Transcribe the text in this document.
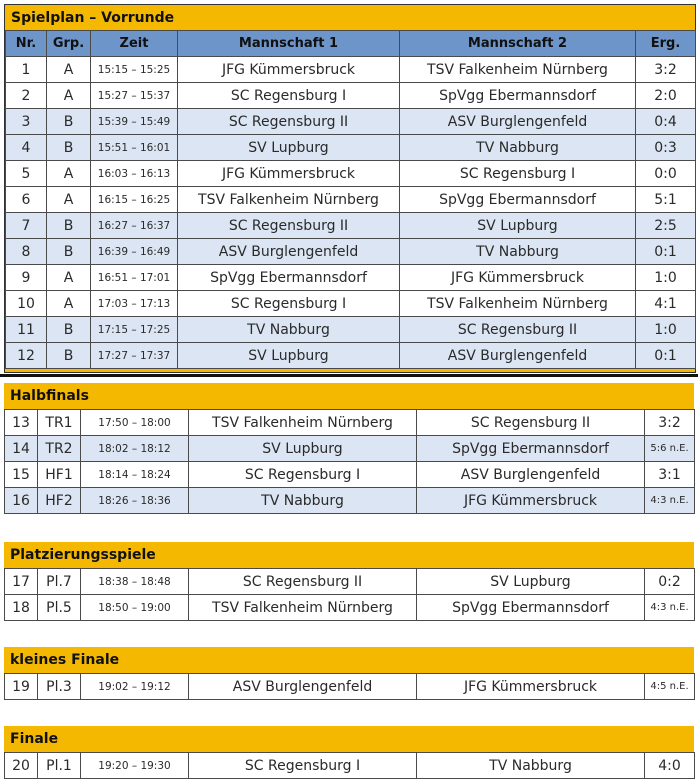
Spielplan – Vorrunde
Nr.	Grp.	Zeit	Mannschaft 1	Mannschaft 2	Erg.
1	A	15:15 – 15:25	JFG Kümmersbruck	TSV Falkenheim Nürnberg	3:2
2	A	15:27 – 15:37	SC Regensburg I	SpVgg Ebermannsdorf	2:0
3	B	15:39 – 15:49	SC Regensburg II	ASV Burglengenfeld	0:4
4	B	15:51 – 16:01	SV Lupburg	TV Nabburg	0:3
5	A	16:03 – 16:13	JFG Kümmersbruck	SC Regensburg I	0:0
6	A	16:15 – 16:25	TSV Falkenheim Nürnberg	SpVgg Ebermannsdorf	5:1
7	B	16:27 – 16:37	SC Regensburg II	SV Lupburg	2:5
8	B	16:39 – 16:49	ASV Burglengenfeld	TV Nabburg	0:1
9	A	16:51 – 17:01	SpVgg Ebermannsdorf	JFG Kümmersbruck	1:0
10	A	17:03 – 17:13	SC Regensburg I	TSV Falkenheim Nürnberg	4:1
11	B	17:15 – 17:25	TV Nabburg	SC Regensburg II	1:0
12	B	17:27 – 17:37	SV Lupburg	ASV Burglengenfeld	0:1
Halbfinals
13	TR1	17:50 – 18:00	TSV Falkenheim Nürnberg	SC Regensburg II	3:2
14	TR2	18:02 – 18:12	SV Lupburg	SpVgg Ebermannsdorf	5:6 n.E.
15	HF1	18:14 – 18:24	SC Regensburg I	ASV Burglengenfeld	3:1
16	HF2	18:26 – 18:36	TV Nabburg	JFG Kümmersbruck	4:3 n.E.
Platzierungsspiele
17	Pl.7	18:38 – 18:48	SC Regensburg II	SV Lupburg	0:2
18	Pl.5	18:50 – 19:00	TSV Falkenheim Nürnberg	SpVgg Ebermannsdorf	4:3 n.E.
kleines Finale
19	Pl.3	19:02 – 19:12	ASV Burglengenfeld	JFG Kümmersbruck	4:5 n.E.
Finale
20	Pl.1	19:20 – 19:30	SC Regensburg I	TV Nabburg	4:0
